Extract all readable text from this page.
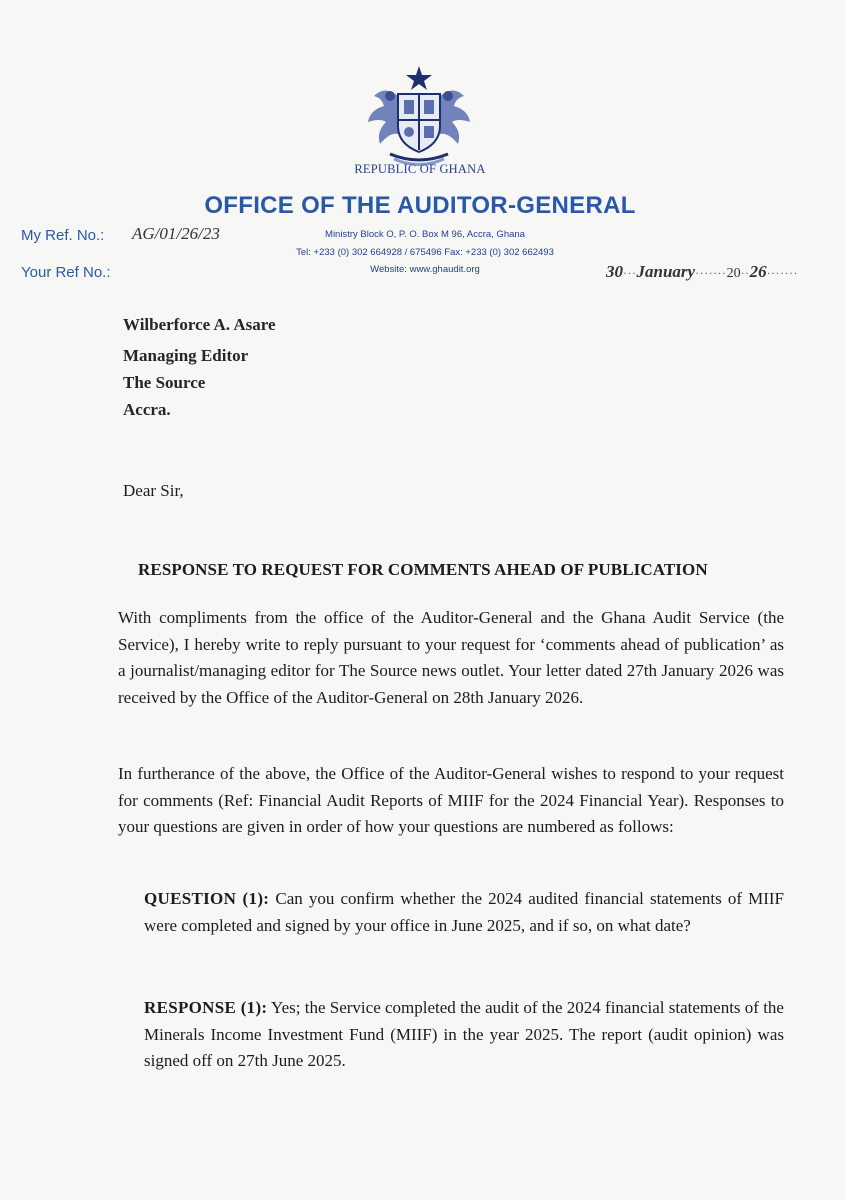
REPUBLIC OF GHANA
OFFICE OF THE AUDITOR-GENERAL
My Ref. No.: AG/01/26/23
Your Ref No.:
Ministry Block O, P. O. Box M 96, Accra, Ghana
Tel: +233 (0) 302 664928 / 675496 Fax: +233 (0) 302 662493
Website: www.ghaudit.org	30···January·······20··26·······
Wilberforce A. Asare
Managing Editor
The Source
Accra.
Dear Sir,
RESPONSE TO REQUEST FOR COMMENTS AHEAD OF PUBLICATION
With compliments from the office of the Auditor-General and the Ghana Audit Service (the Service), I hereby write to reply pursuant to your request for ‘comments ahead of publication’ as a journalist/managing editor for The Source news outlet. Your letter dated 27th January 2026 was received by the Office of the Auditor-General on 28th January 2026.
In furtherance of the above, the Office of the Auditor-General wishes to respond to your request for comments (Ref: Financial Audit Reports of MIIF for the 2024 Financial Year). Responses to your questions are given in order of how your questions are numbered as follows:
QUESTION (1): Can you confirm whether the 2024 audited financial statements of MIIF were completed and signed by your office in June 2025, and if so, on what date?
RESPONSE (1): Yes; the Service completed the audit of the 2024 financial statements of the Minerals Income Investment Fund (MIIF) in the year 2025. The report (audit opinion) was signed off on 27th June 2025.
